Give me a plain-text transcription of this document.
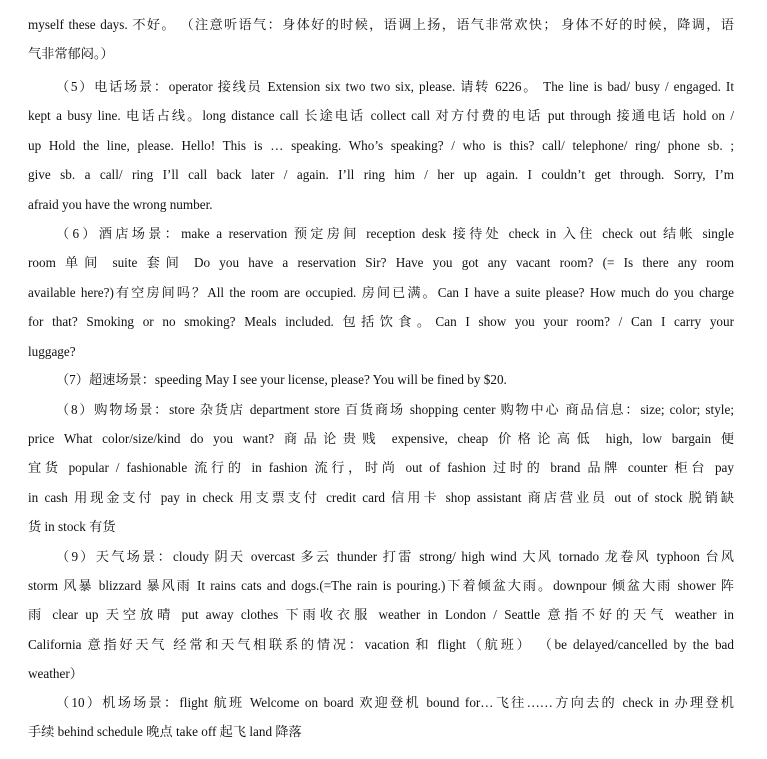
myself these days. 不好。 （注意听语气：身体好的时候，语调上扬，语气非常欢快； 身体不好的时候，降调，语
气非常郁闷。）
（5）电话场景：operator 接线员 Extension six two two six, please. 请转 6226。 The line is bad/ busy / engaged. It
kept a busy line. 电话占线。long distance call 长途电话 collect call 对方付费的电话 put through 接通电话 hold on /
up Hold the line, please. Hello! This is … speaking. Who’s speaking? / who is this? call/ telephone/ ring/ phone sb. ;
give sb. a call/ ring I’ll call back later / again. I’ll ring him / her up again. I couldn’t get through. Sorry, I’m
afraid you have the wrong number.
（6）酒店场景：make a reservation 预定房间 reception desk 接待处 check in 入住 check out 结帐 single
room 单间 suite 套间 Do you have a reservation Sir? Have you got any vacant room? (= Is there any room
available here?)有空房间吗？All the room are occupied. 房间已满。Can I have a suite please? How much do you charge
for that? Smoking or no smoking? Meals included. 包括饮食。Can I show you your room? / Can I carry your
luggage?
（7）超速场景：speeding May I see your license, please? You will be fined by $20.
（8）购物场景：store 杂货店 department store 百货商场 shopping center 购物中心 商品信息：size; color; style;
price What color/size/kind do you want? 商品论贵贱 expensive, cheap 价格论高低 high, low bargain 便
宜货 popular / fashionable 流行的 in fashion 流行，时尚 out of fashion 过时的 brand 品牌 counter 柜台 pay
in cash 用现金支付 pay in check 用支票支付 credit card 信用卡 shop assistant 商店营业员 out of stock 脱销缺
货 in stock 有货
（9）天气场景：cloudy 阴天 overcast 多云 thunder 打雷 strong/ high wind 大风 tornado 龙卷风 typhoon 台风
storm 风暴 blizzard 暴风雨 It rains cats and dogs.(=The rain is pouring.)下着倾盆大雨。downpour 倾盆大雨 shower 阵
雨 clear up 天空放晴 put away clothes 下雨收衣服 weather in London / Seattle 意指不好的天气 weather in
California 意指好天气 经常和天气相联系的情况：vacation 和 flight（航班） （be delayed/cancelled by the bad
weather）
（10）机场场景：flight 航班 Welcome on board 欢迎登机 bound for…飞往……方向去的 check in 办理登机
手续 behind schedule 晚点 take off 起飞 land 降落
